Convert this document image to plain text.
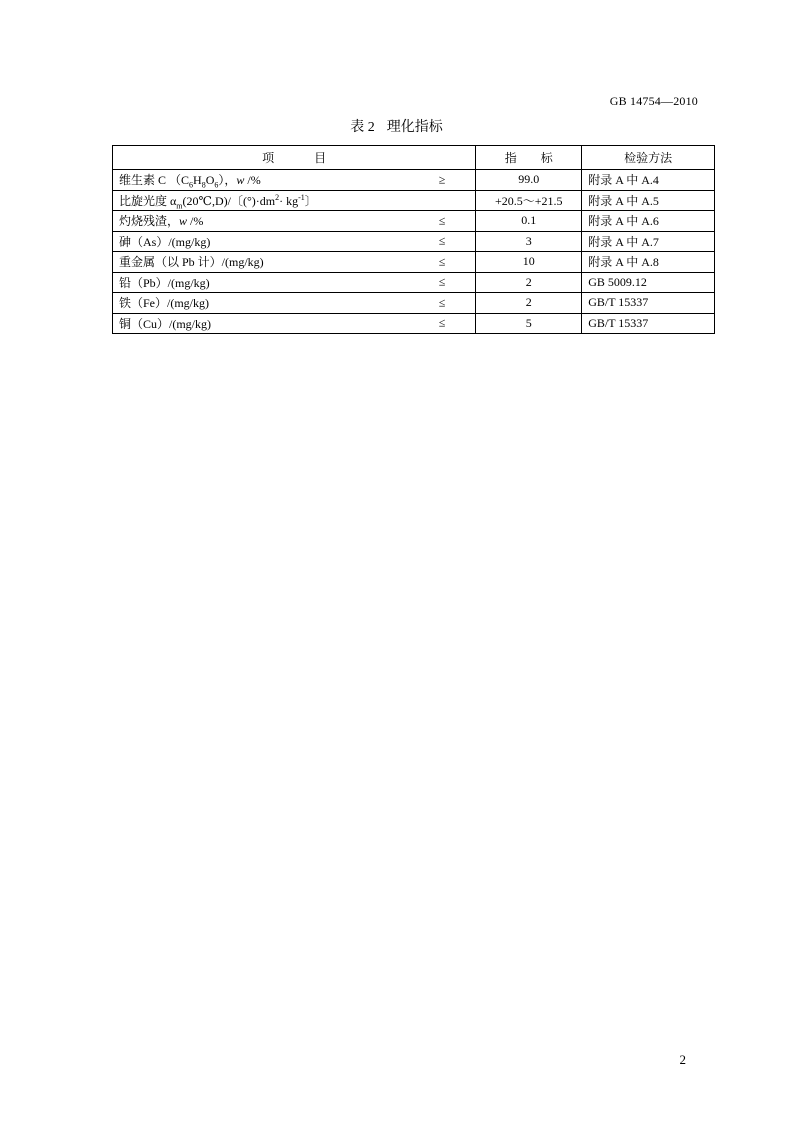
GB 14754—2010
表 2 理化指标
项目	指标	检验方法
维生素 C $(C_6H_8O_6)$，w /% ≥	99.0	附录 A 中 A.4
比旋光度 $\alpha_m(20℃,D)/$〔$(^\circ)\cdot dm^2\cdot kg^{-1}$〕	+20.5～+21.5	附录 A 中 A.5
灼烧残渣，w /% ≤	0.1	附录 A 中 A.6
砷（As）/(mg/kg) ≤	3	附录 A 中 A.7
重金属（以 Pb 计）/(mg/kg) ≤	10	附录 A 中 A.8
铅（Pb）/(mg/kg) ≤	2	GB 5009.12
铁（Fe）/(mg/kg) ≤	2	GB/T 15337
铜（Cu）/(mg/kg) ≤	5	GB/T 15337
2
